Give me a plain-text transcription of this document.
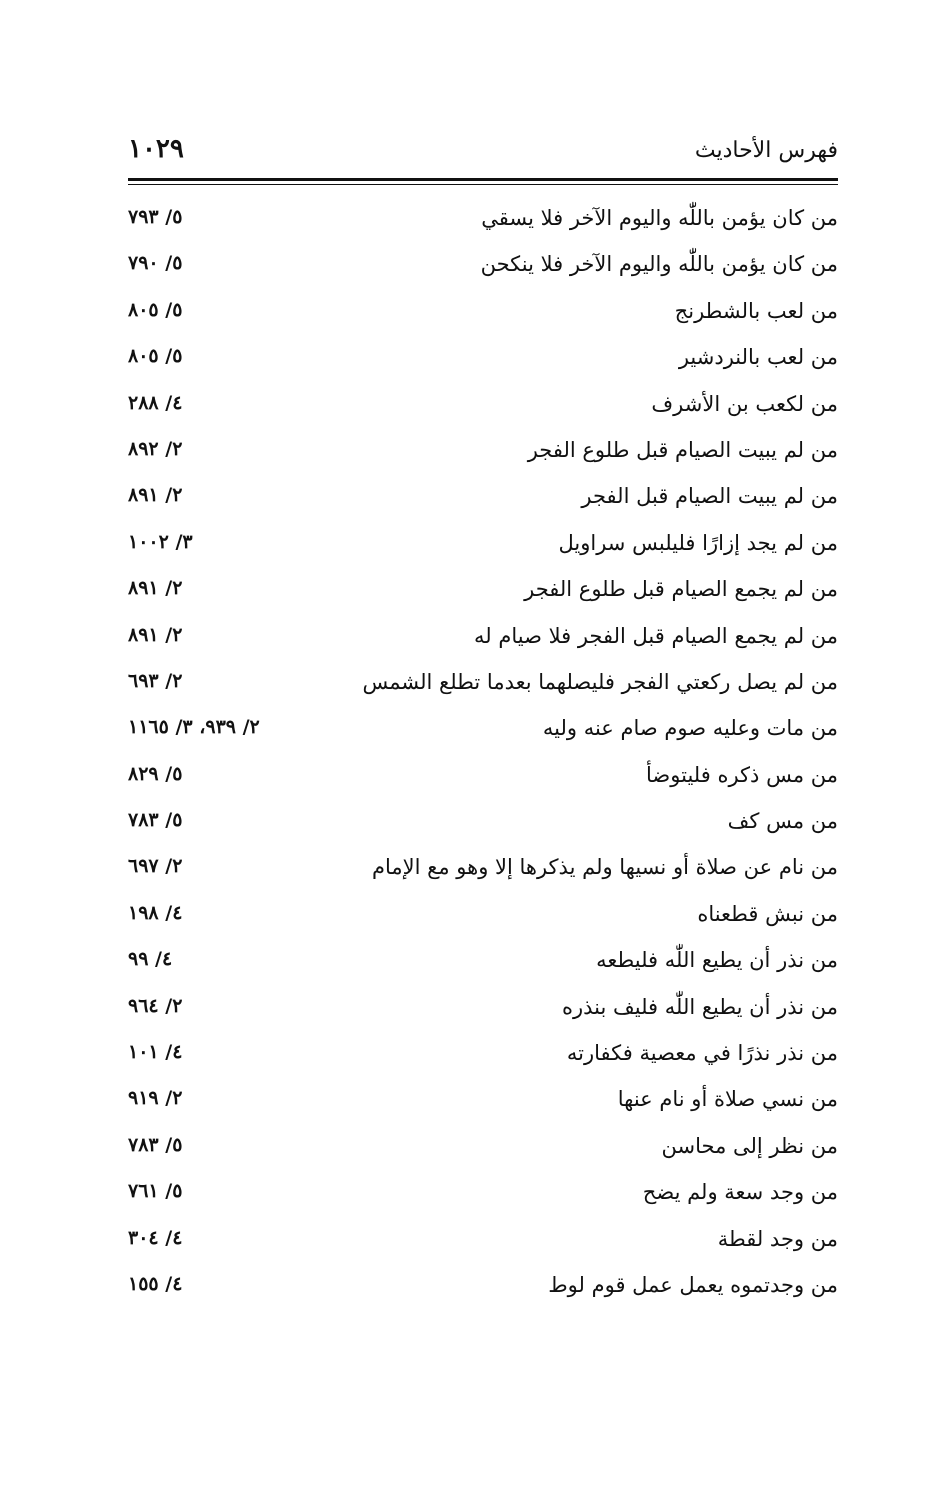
فهرس الأحاديث
١٠٢٩
من كان يؤمن باللّٰه واليوم الآخر فلا يسقي
٥/ ٧٩٣
من كان يؤمن باللّٰه واليوم الآخر فلا ينكحن
٥/ ٧٩٠
من لعب بالشطرنج
٥/ ٨٠٥
من لعب بالنردشير
٥/ ٨٠٥
من لكعب بن الأشرف
٤/ ٢٨٨
من لم يبيت الصيام قبل طلوع الفجر
٢/ ٨٩٢
من لم يبيت الصيام قبل الفجر
٢/ ٨٩١
من لم يجد إزارًا فليلبس سراويل
٣/ ١٠٠٢
من لم يجمع الصيام قبل طلوع الفجر
٢/ ٨٩١
من لم يجمع الصيام قبل الفجر فلا صيام له
٢/ ٨٩١
من لم يصل ركعتي الفجر فليصلهما بعدما تطلع الشمس
٢/ ٦٩٣
من مات وعليه صوم صام عنه وليه
٢/ ٩٣٩، ٣/ ١١٦٥
من مس ذكره فليتوضأ
٥/ ٨٢٩
من مس كف
٥/ ٧٨٣
من نام عن صلاة أو نسيها ولم يذكرها إلا وهو مع الإمام
٢/ ٦٩٧
من نبش قطعناه
٤/ ١٩٨
من نذر أن يطيع اللّٰه فليطعه
٤/ ٩٩
من نذر أن يطيع اللّٰه فليف بنذره
٢/ ٩٦٤
من نذر نذرًا في معصية فكفارته
٤/ ١٠١
من نسي صلاة أو نام عنها
٢/ ٩١٩
من نظر إلى محاسن
٥/ ٧٨٣
من وجد سعة ولم يضح
٥/ ٧٦١
من وجد لقطة
٤/ ٣٠٤
من وجدتموه يعمل عمل قوم لوط
٤/ ١٥٥
